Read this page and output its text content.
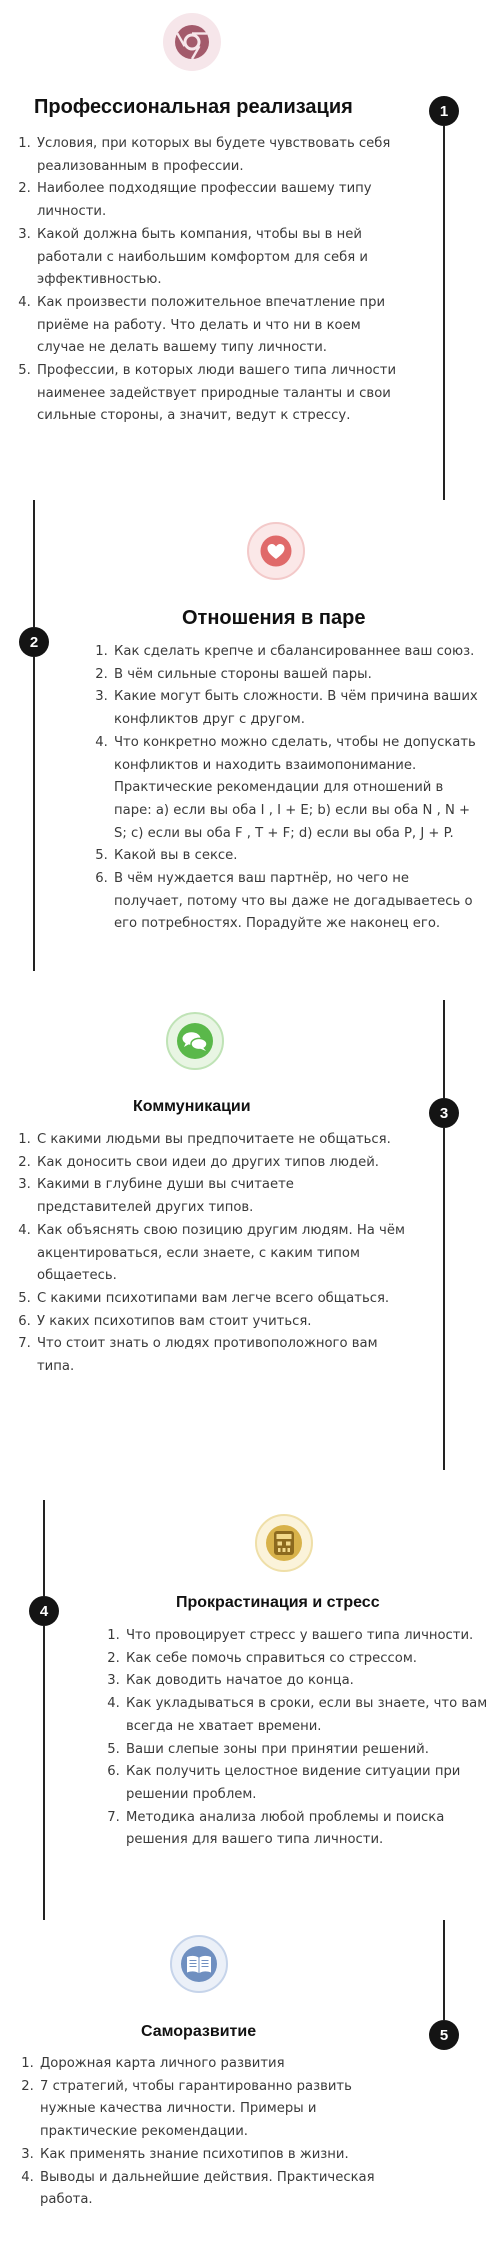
Профессиональная реализация
1. Условия, при которых вы будете чувствовать себя реализованным в профессии.
2. Наиболее подходящие профессии вашему типу личности.
3. Какой должна быть компания, чтобы вы в ней работали с наибольшим комфортом для себя и эффективностью.
4. Как произвести положительное впечатление при приёме на работу. Что делать и что ни в коем случае не делать вашему типу личности.
5. Профессии, в которых люди вашего типа личности наименее задействует природные таланты и свои сильные стороны, а значит, ведут к стрессу.
1
2
Отношения в паре
1. Как сделать крепче и сбалансированнее ваш союз.
2. В чём сильные стороны вашей пары.
3. Какие могут быть сложности. В чём причина ваших конфликтов друг с другом.
4. Что конкретно можно сделать, чтобы не допускать конфликтов и находить взаимопонимание. Практические рекомендации для отношений в паре: а) если вы оба I , I + E; b) если вы оба N , N + S; c) если вы оба F , T + F; d) если вы оба P, J + P.
5. Какой вы в сексе.
6. В чём нуждается ваш партнёр, но чего не получает, потому что вы даже не догадываетесь о его потребностях. Порадуйте же наконец его.
Коммуникации
1. С какими людьми вы предпочитаете не общаться.
2. Как доносить свои идеи до других типов людей.
3. Какими в глубине души вы считаете представителей других типов.
4. Как объяснять свою позицию другим людям. На чём акцентироваться, если знаете, с каким типом общаетесь.
5. С какими психотипами вам легче всего общаться.
6. У каких психотипов вам стоит учиться.
7. Что стоит знать о людях противоположного вам типа.
3
4	Прокрастинация и стресс
1. Что провоцирует стресс у вашего типа личности.
2. Как себе помочь справиться со стрессом.
3. Как доводить начатое до конца.
4. Как укладываться в сроки, если вы знаете, что вам всегда не хватает времени.
5. Ваши слепые зоны при принятии решений.
6. Как получить целостное видение ситуации при решении проблем.
7. Методика анализа любой проблемы и поиска решения для вашего типа личности.
Саморазвитие
1. Дорожная карта личного развития
2. 7 стратегий, чтобы гарантированно развить нужные качества личности. Примеры и практические рекомендации.
3. Как применять знание психотипов в жизни.
4. Выводы и дальнейшие действия. Практическая работа.
5
